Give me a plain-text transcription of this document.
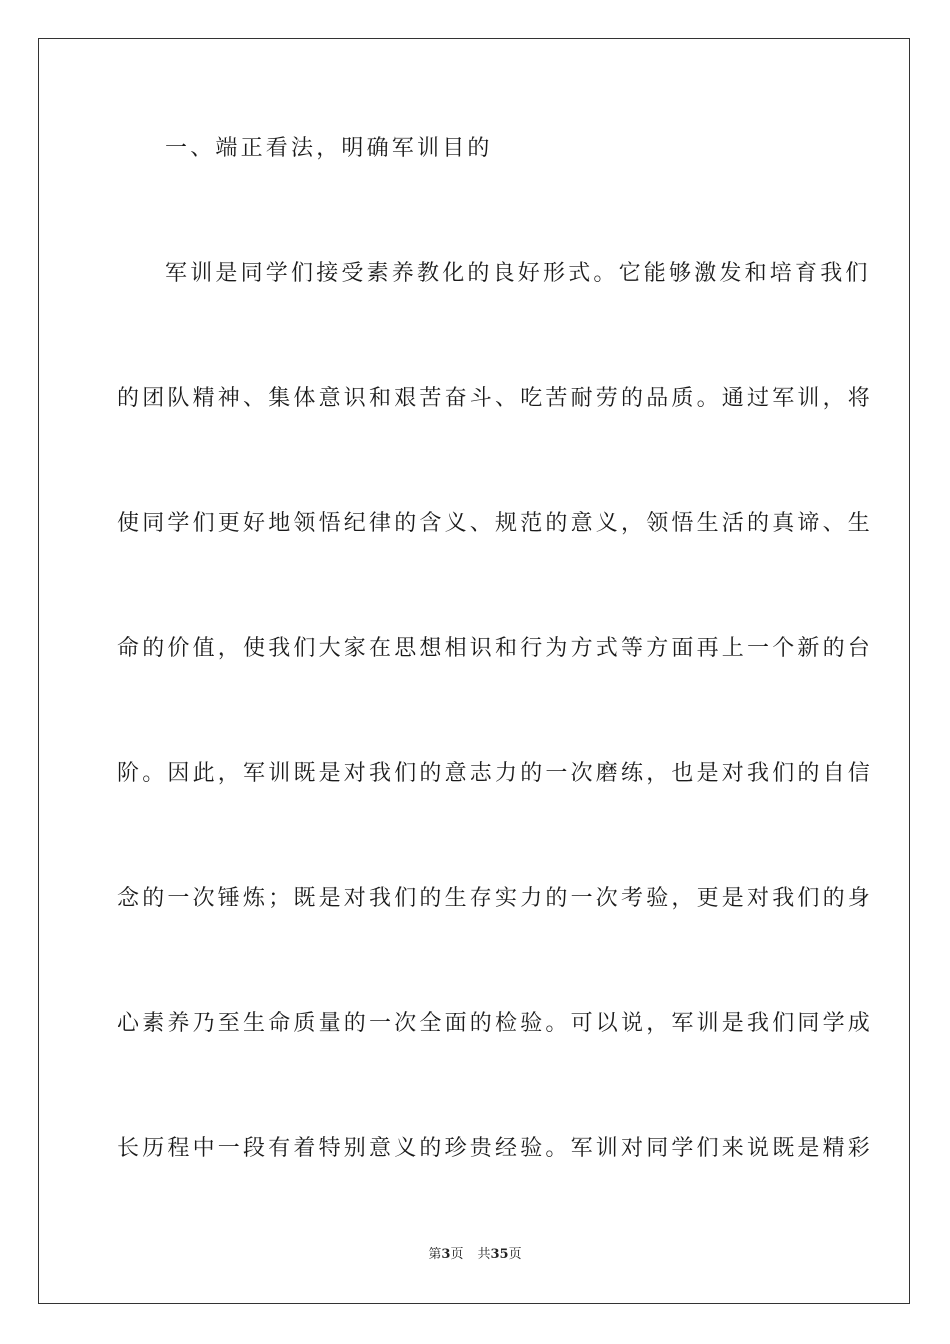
一、端正看法，明确军训目的

军训是同学们接受素养教化的良好形式。它能够激发和培育我们

的团队精神、集体意识和艰苦奋斗、吃苦耐劳的品质。通过军训，将

使同学们更好地领悟纪律的含义、规范的意义，领悟生活的真谛、生

命的价值，使我们大家在思想相识和行为方式等方面再上一个新的台

阶。因此，军训既是对我们的意志力的一次磨练，也是对我们的自信

念的一次锤炼；既是对我们的生存实力的一次考验，更是对我们的身

心素养乃至生命质量的一次全面的检验。可以说，军训是我们同学成

长历程中一段有着特别意义的珍贵经验。军训对同学们来说既是精彩

第3页 共35页
